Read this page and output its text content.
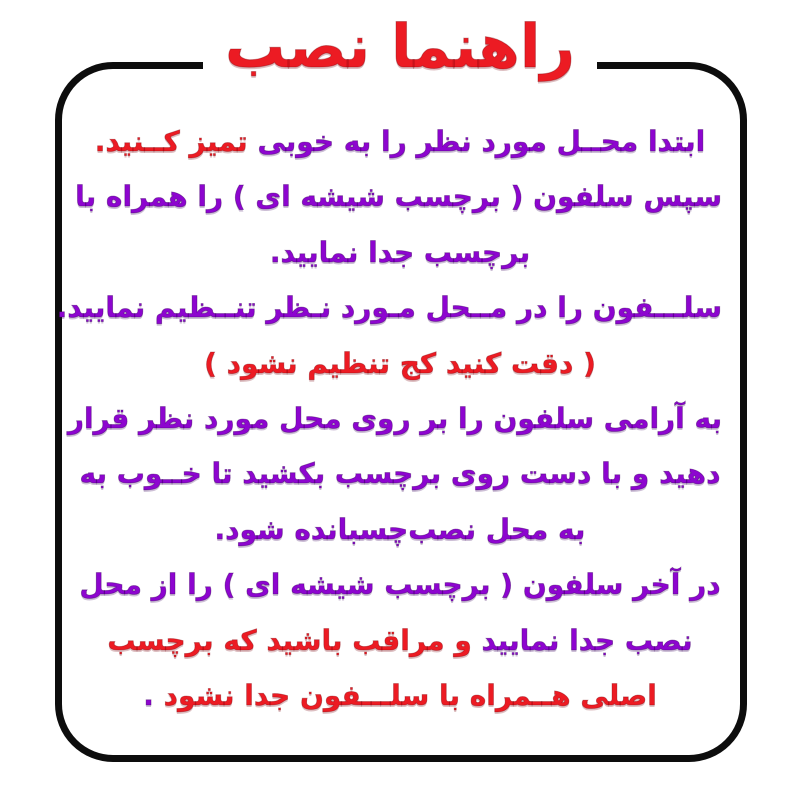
راهنما نصب
ابتدا محــل مورد نظر را به خوبی تمیز کــنید.
سپس سلفون ( برچسب شیشه ای ) را همراه با
برچسب جدا نمایید.
سلـــفون را در مــحل مـورد نـظر تنــظیم نمایید.
( دقت کنید کج تنظیم نشود )
به آرامی سلفون را بر روی محل مورد نظر قرار
دهید و با دست روی برچسب بکشید تا خــوب به
به محل نصب‌چسبانده شود.
در آخر سلفون ( برچسب شیشه ای ) را از محل
نصب جدا نمایید و مراقب باشید که برچسب
اصلی هــمراه با سلـــفون جدا نشود .
